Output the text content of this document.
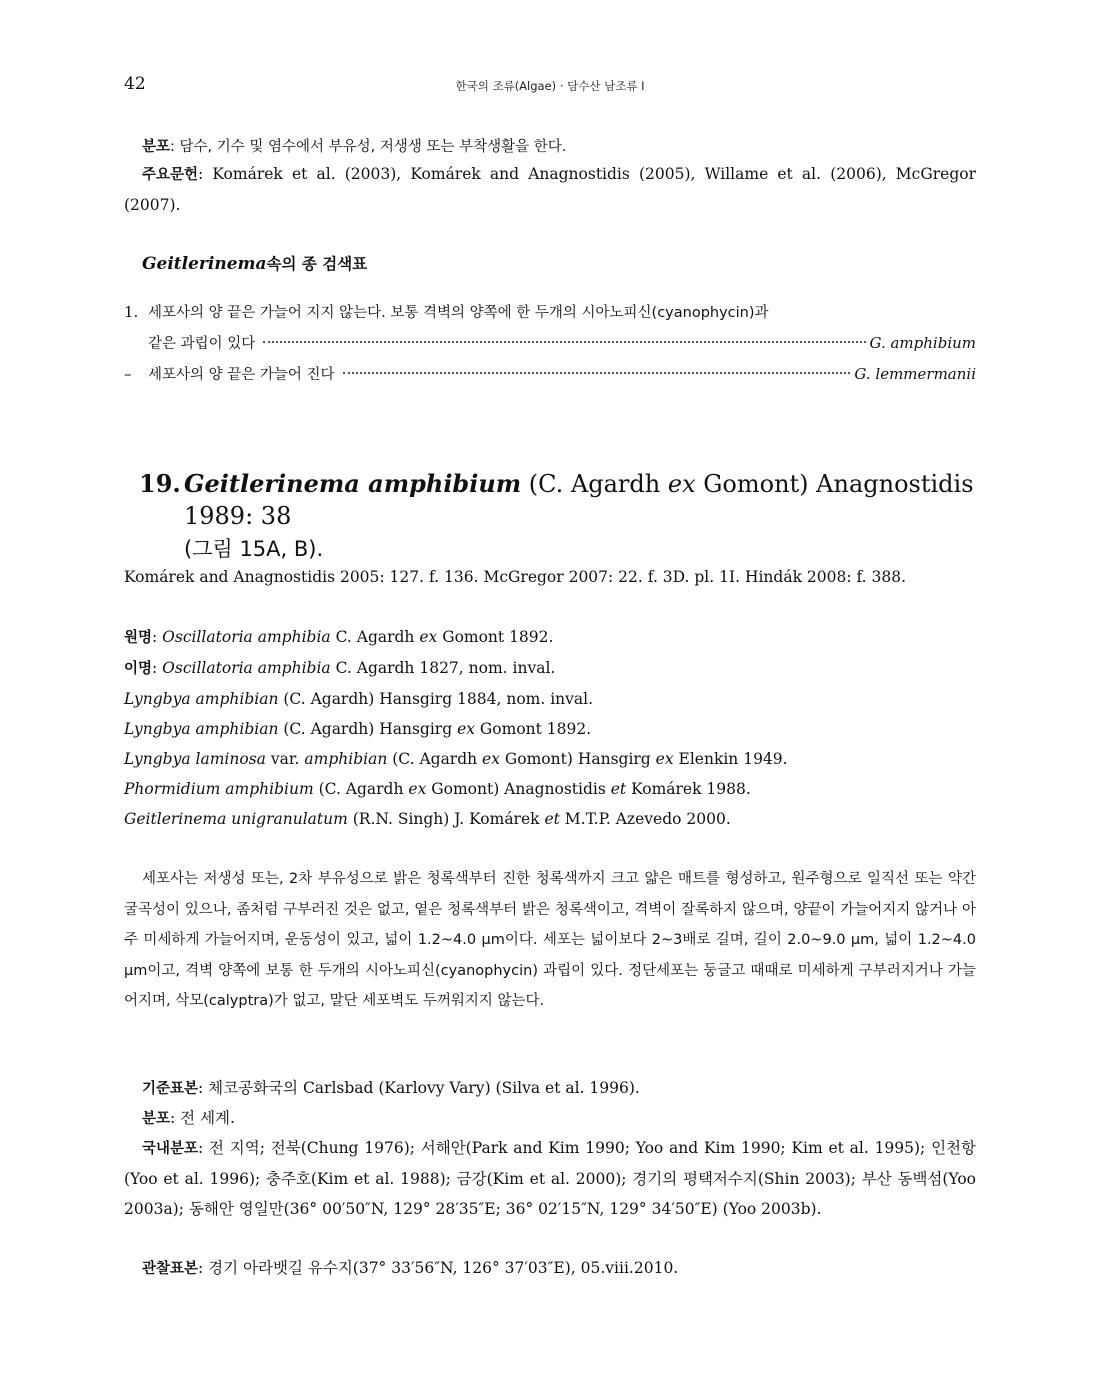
42	한국의 조류(Algae) · 담수산 남조류 I
분포: 담수, 기수 및 염수에서 부유성, 저생생 또는 부착생활을 한다.
주요문헌: Komárek et al. (2003), Komárek and Anagnostidis (2005), Willame et al. (2006), McGregor (2007).
Geitlerinema속의 종 검색표
1. 세포사의 양 끝은 가늘어 지지 않는다. 보통 격벽의 양쪽에 한 두개의 시아노피신(cyanophycin)과
같은 과립이 있다	G. amphibium
–	세포사의 양 끝은 가늘어 진다	G. lemmermanii
19. Geitlerinema amphibium (C. Agardh ex Gomont) Anagnostidis 1989: 38
(그림 15A, B).
Komárek and Anagnostidis 2005: 127. f. 136. McGregor 2007: 22. f. 3D. pl. 1I. Hindák 2008: f. 388.
원명: Oscillatoria amphibia C. Agardh ex Gomont 1892.
이명: Oscillatoria amphibia C. Agardh 1827, nom. inval.
Lyngbya amphibian (C. Agardh) Hansgirg 1884, nom. inval.
Lyngbya amphibian (C. Agardh) Hansgirg ex Gomont 1892.
Lyngbya laminosa var. amphibian (C. Agardh ex Gomont) Hansgirg ex Elenkin 1949.
Phormidium amphibium (C. Agardh ex Gomont) Anagnostidis et Komárek 1988.
Geitlerinema unigranulatum (R.N. Singh) J. Komárek et M.T.P. Azevedo 2000.
세포사는 저생성 또는, 2차 부유성으로 밝은 청록색부터 진한 청록색까지 크고 얇은 매트를 형성하고, 원주형으로 일직선 또는 약간 굴곡성이 있으나, 좀처럼 구부러진 것은 없고, 옅은 청록색부터 밝은 청록색이고, 격벽이 잘록하지 않으며, 양끝이 가늘어지지 않거나 아주 미세하게 가늘어지며, 운동성이 있고, 넓이 1.2~4.0 μm이다. 세포는 넓이보다 2~3배로 길며, 길이 2.0~9.0 μm, 넓이 1.2~4.0 μm이고, 격벽 양쪽에 보통 한 두개의 시아노피신(cyanophycin) 과립이 있다. 정단세포는 둥글고 때때로 미세하게 구부러지거나 가늘어지며, 삭모(calyptra)가 없고, 말단 세포벽도 두꺼워지지 않는다.
기준표본: 체코공화국의 Carlsbad (Karlovy Vary) (Silva et al. 1996).
분포: 전 세계.
국내분포: 전 지역; 전북(Chung 1976); 서해안(Park and Kim 1990; Yoo and Kim 1990; Kim et al. 1995); 인천항(Yoo et al. 1996); 충주호(Kim et al. 1988); 금강(Kim et al. 2000); 경기의 평택저수지(Shin 2003); 부산 동백섬(Yoo 2003a); 동해안 영일만(36° 00′50″N, 129° 28′35″E; 36° 02′15″N, 129° 34′50″E) (Yoo 2003b).
관찰표본: 경기 아라뱃길 유수지(37° 33′56″N, 126° 37′03″E), 05.viii.2010.
